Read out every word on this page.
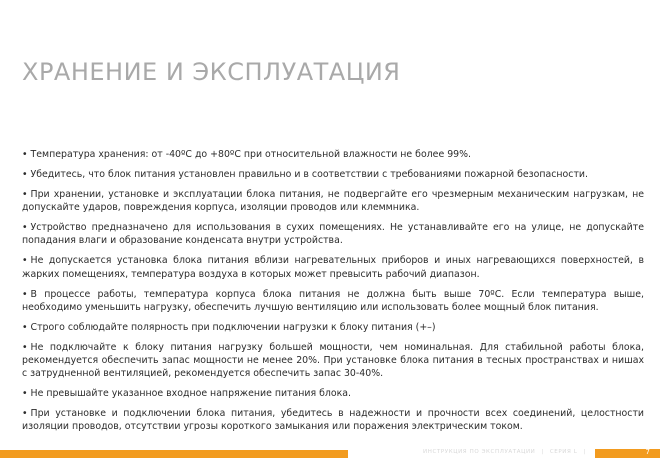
ХРАНЕНИЕ И ЭКСПЛУАТАЦИЯ
• Температура хранения: от -40ºС до +80ºС при относительной влажности не более 99%.
• Убедитесь, что блок питания установлен правильно и в соответствии с требованиями пожарной безопасности.
• При хранении, установке и эксплуатации блока питания, не подвергайте его чрезмерным механическим нагрузкам, не допускайте ударов, повреждения корпуса, изоляции проводов или клеммника.
• Устройство предназначено для использования в сухих помещениях. Не устанавливайте его на улице, не допускайте попадания влаги и образование конденсата внутри устройства.
• Не допускается установка блока питания вблизи нагревательных приборов и иных нагревающихся поверхностей, в жарких помещениях, температура воздуха в которых может превысить рабочий диапазон.
• В процессе работы, температура корпуса блока питания не должна быть выше 70ºС. Если температура выше, необходимо уменьшить нагрузку, обеспечить лучшую вентиляцию или использовать более мощный блок питания.
• Строго соблюдайте полярность при подключении нагрузки к блоку питания (+–)
• Не подключайте к блоку питания нагрузку большей мощности, чем номинальная. Для стабильной работы блока, рекомендуется обеспечить запас мощности не менее 20%. При установке блока питания в тесных пространствах и нишах с затрудненной вентиляцией, рекомендуется обеспечить запас 30-40%.
• Не превышайте указанное входное напряжение питания блока.
• При установке и подключении блока питания, убедитесь в надежности и прочности всех соединений, целостности изоляции проводов, отсутствии угрозы короткого замыкания или поражения электрическим током.
ИНСТРУКЦИЯ ПО ЭКСПЛУАТАЦИИ | СЕРИЯ L |	7
